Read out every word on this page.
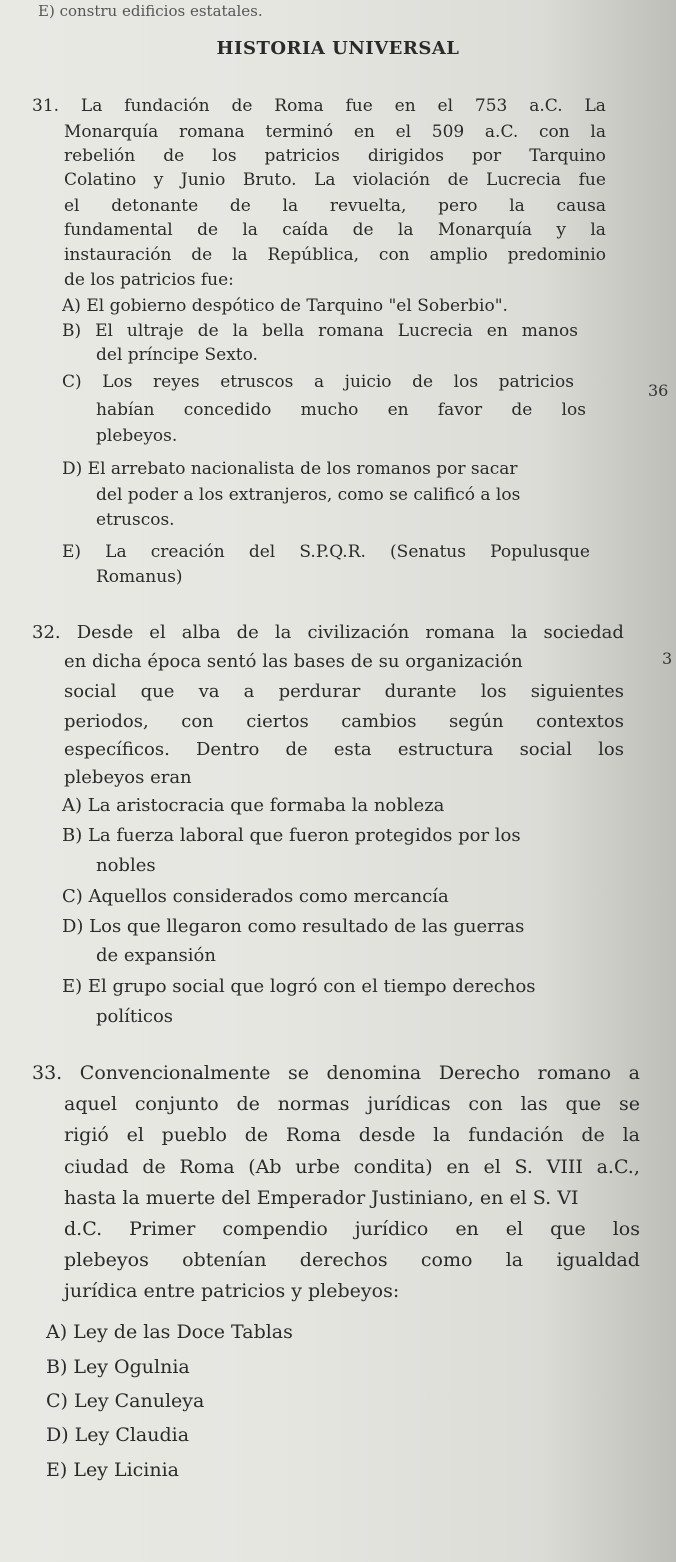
E) constru edificios estatales.
HISTORIA UNIVERSAL
36
3
31. La fundación de Roma fue en el 753 a.C. La
Monarquía romana terminó en el 509 a.C. con la
rebelión de los patricios dirigidos por Tarquino
Colatino y Junio Bruto. La violación de Lucrecia fue
el detonante de la revuelta, pero la causa
fundamental de la caída de la Monarquía y la
instauración de la República, con amplio predominio
de los patricios fue:
A) El gobierno despótico de Tarquino "el Soberbio".
B) El ultraje de la bella romana Lucrecia en manos
del príncipe Sexto.
C) Los reyes etruscos a juicio de los patricios
habían concedido mucho en favor de los
plebeyos.
D) El arrebato nacionalista de los romanos por sacar
del poder a los extranjeros, como se calificó a los
etruscos.
E) La creación del S.P.Q.R. (Senatus Populusque
Romanus)
32. Desde el alba de la civilización romana la sociedad
en dicha época sentó las bases de su organización
social que va a perdurar durante los siguientes
periodos, con ciertos cambios según contextos
específicos. Dentro de esta estructura social los
plebeyos eran
A) La aristocracia que formaba la nobleza
B) La fuerza laboral que fueron protegidos por los
nobles
C) Aquellos considerados como mercancía
D) Los que llegaron como resultado de las guerras
de expansión
E) El grupo social que logró con el tiempo derechos
políticos
33. Convencionalmente se denomina Derecho romano a
aquel conjunto de normas jurídicas con las que se
rigió el pueblo de Roma desde la fundación de la
ciudad de Roma (Ab urbe condita) en el S. VIII a.C.,
hasta la muerte del Emperador Justiniano, en el S. VI
d.C. Primer compendio jurídico en el que los
plebeyos obtenían derechos como la igualdad
jurídica entre patricios y plebeyos:
A) Ley de las Doce Tablas
B) Ley Ogulnia
C) Ley Canuleya
D) Ley Claudia
E) Ley Licinia
